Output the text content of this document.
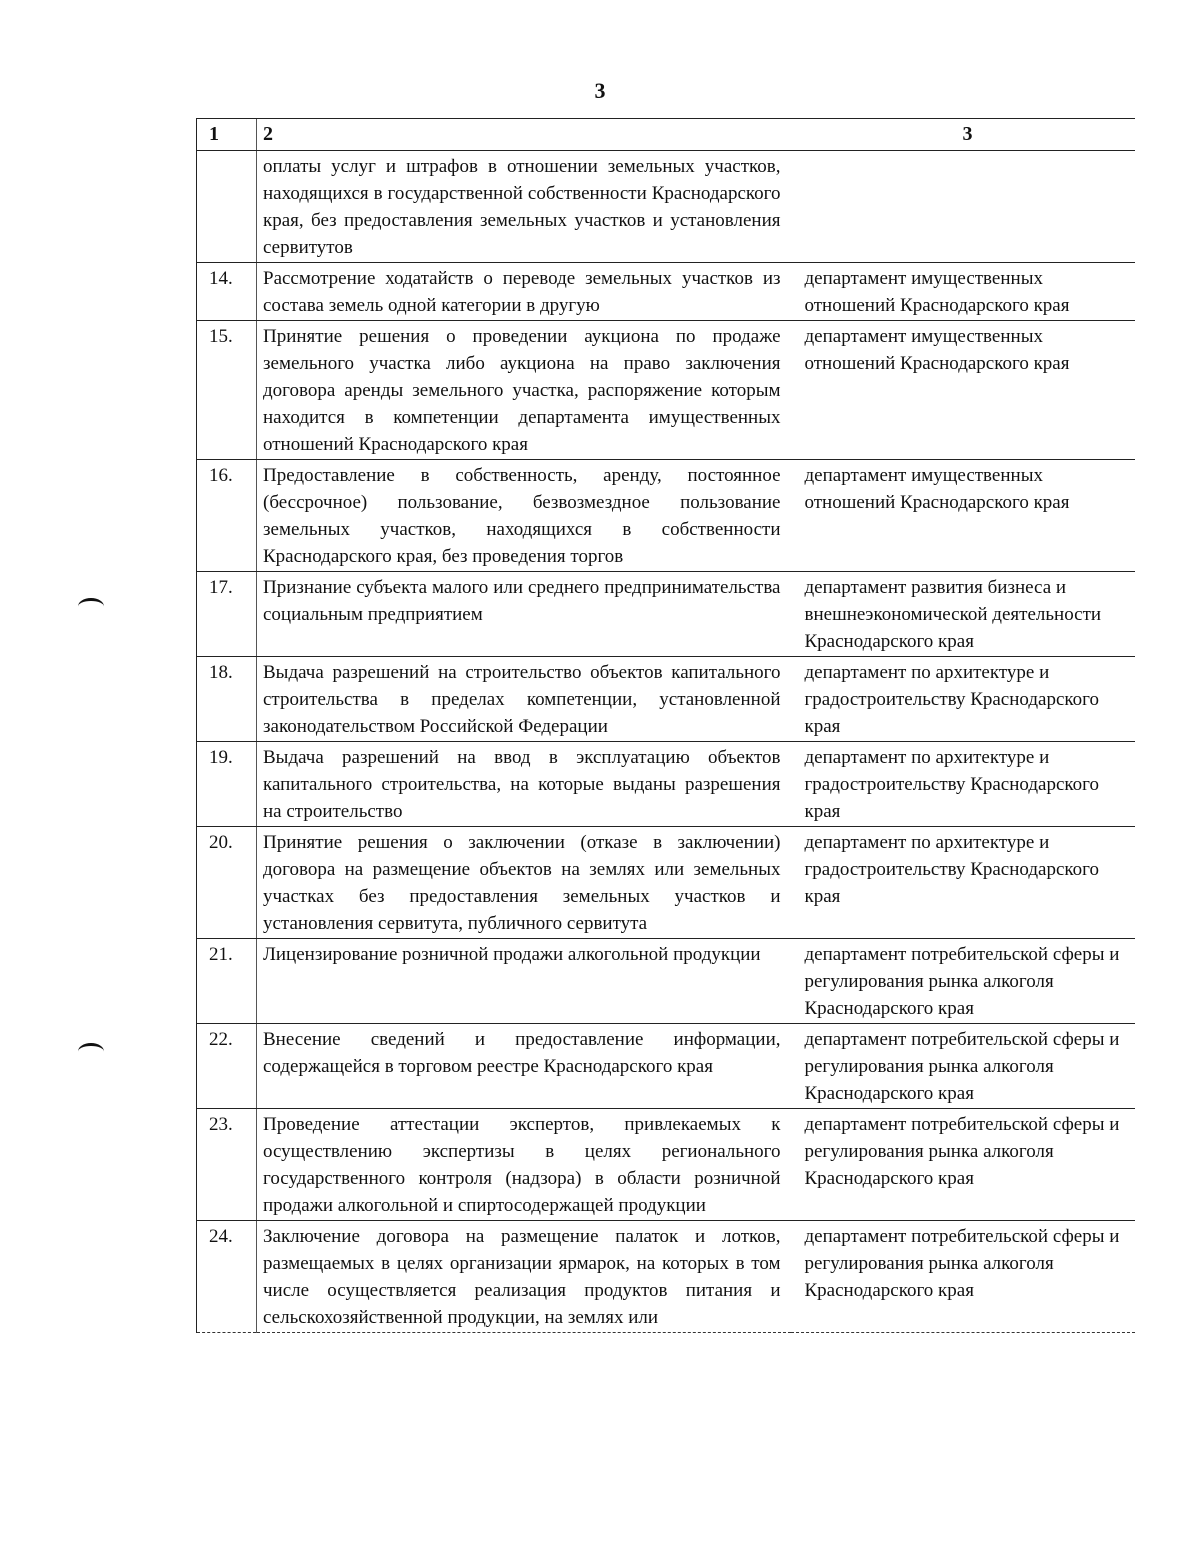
3
1	2	3
	оплаты услуг и штрафов в отношении земельных участков, находящихся в государственной собственности Краснодарского края, без предоставления земельных участков и установления сервитутов	
14.	Рассмотрение ходатайств о переводе земельных участков из состава земель одной категории в другую	департамент имущественных отношений Краснодарского края
15.	Принятие решения о проведении аукциона по продаже земельного участка либо аукциона на право заключения договора аренды земельного участка, распоряжение которым находится в компетенции департамента имущественных отношений Краснодарского края	департамент имущественных отношений Краснодарского края
16.	Предоставление в собственность, аренду, постоянное (бессрочное) пользование, безвозмездное пользование земельных участков, находящихся в собственности Краснодарского края, без проведения торгов	департамент имущественных отношений Краснодарского края
17.	Признание субъекта малого или среднего предпринимательства социальным предприятием	департамент развития бизнеса и внешнеэкономической деятельности Краснодарского края
18.	Выдача разрешений на строительство объектов капитального строительства в пределах компетенции, установленной законодательством Российской Федерации	департамент по архитектуре и градостроительству Краснодарского края
19.	Выдача разрешений на ввод в эксплуатацию объектов капитального строительства, на которые выданы разрешения на строительство	департамент по архитектуре и градостроительству Краснодарского края
20.	Принятие решения о заключении (отказе в заключении) договора на размещение объектов на землях или земельных участках без предоставления земельных участков и установления сервитута, публичного сервитута	департамент по архитектуре и градостроительству Краснодарского края
21.	Лицензирование розничной продажи алкогольной продукции	департамент потребительской сферы и регулирования рынка алкоголя Краснодарского края
22.	Внесение сведений и предоставление информации, содержащейся в торговом реестре Краснодарского края	департамент потребительской сферы и регулирования рынка алкоголя Краснодарского края
23.	Проведение аттестации экспертов, привлекаемых к осуществлению экспертизы в целях регионального государственного контроля (надзора) в области розничной продажи алкогольной и спиртосодержащей продукции	департамент потребительской сферы и регулирования рынка алкоголя Краснодарского края
24.	Заключение договора на размещение палаток и лотков, размещаемых в целях организации ярмарок, на которых в том числе осуществляется реализация продуктов питания и сельскохозяйственной продукции, на землях или	департамент потребительской сферы и регулирования рынка алкоголя Краснодарского края
